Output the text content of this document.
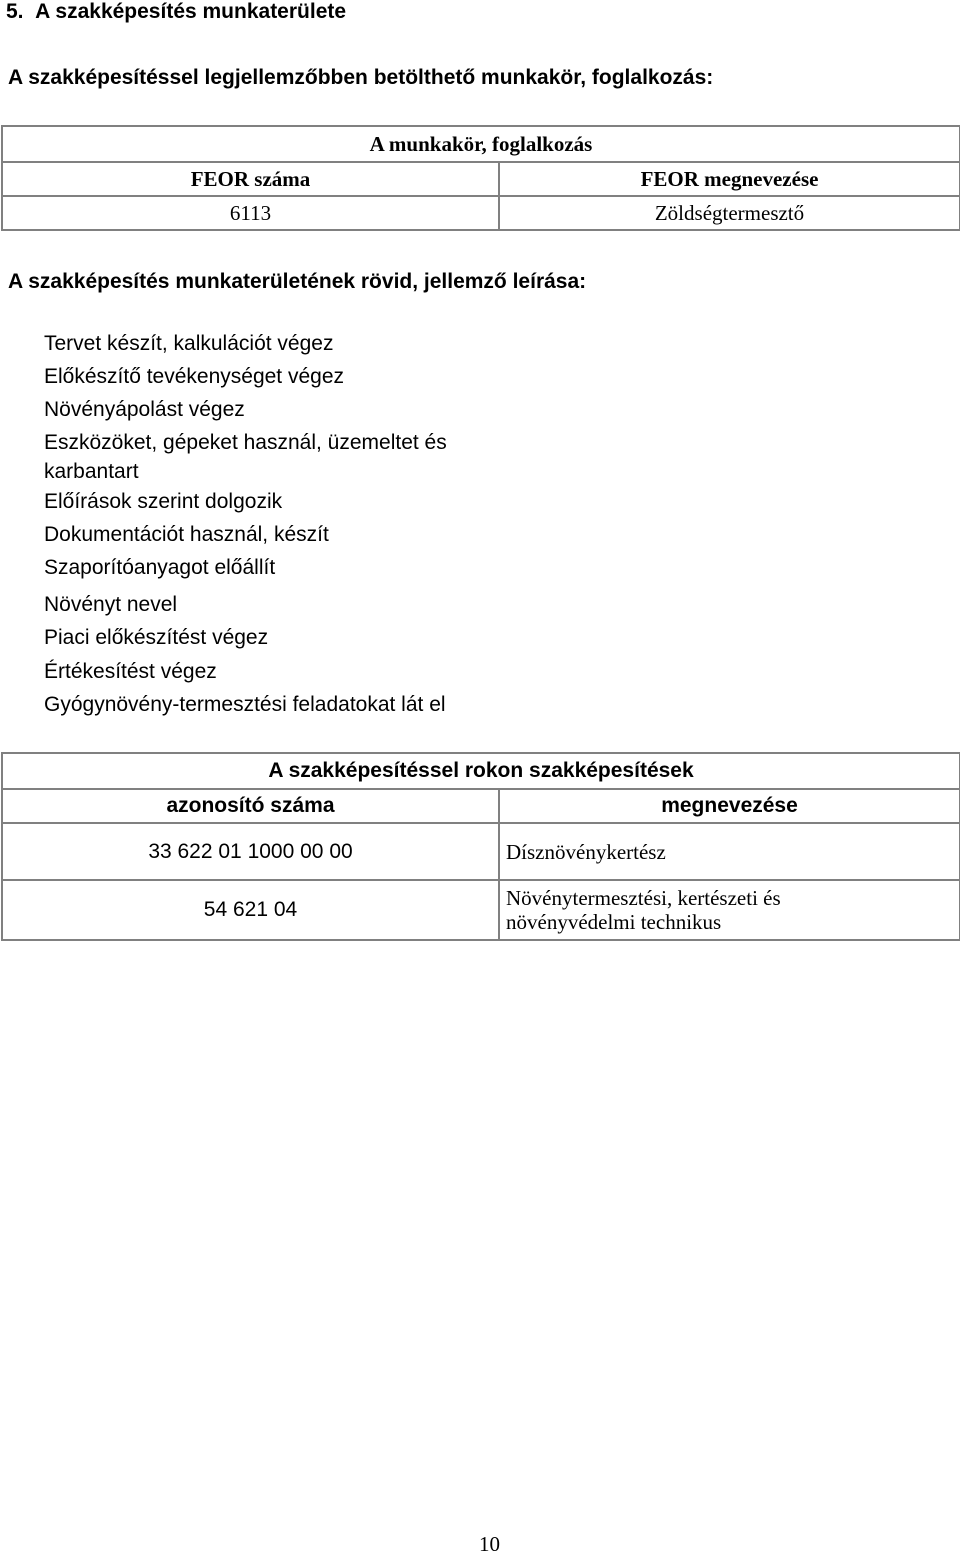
5.  A szakképesítés munkaterülete
A szakképesítéssel legjellemzőbben betölthető munkakör, foglalkozás:
A munkakör, foglalkozás	
FEOR száma	FEOR megnevezése
6113	Zöldségtermesztő
A szakképesítés munkaterületének rövid, jellemző leírása:
Tervet készít, kalkulációt végez
Előkészítő tevékenységet végez
Növényápolást végez
Eszközöket, gépeket használ, üzemeltet és
karbantart
Előírások szerint dolgozik
Dokumentációt használ, készít
Szaporítóanyagot előállít
Növényt nevel
Piaci előkészítést végez
Értékesítést végez
Gyógynövény-termesztési feladatokat lát el
A szakképesítéssel rokon szakképesítések	
azonosító száma	megnevezése
33 622 01 1000 00 00	Dísznövénykertész
54 621 04	Növénytermesztési, kertészeti és növényvédelmi technikus
10
